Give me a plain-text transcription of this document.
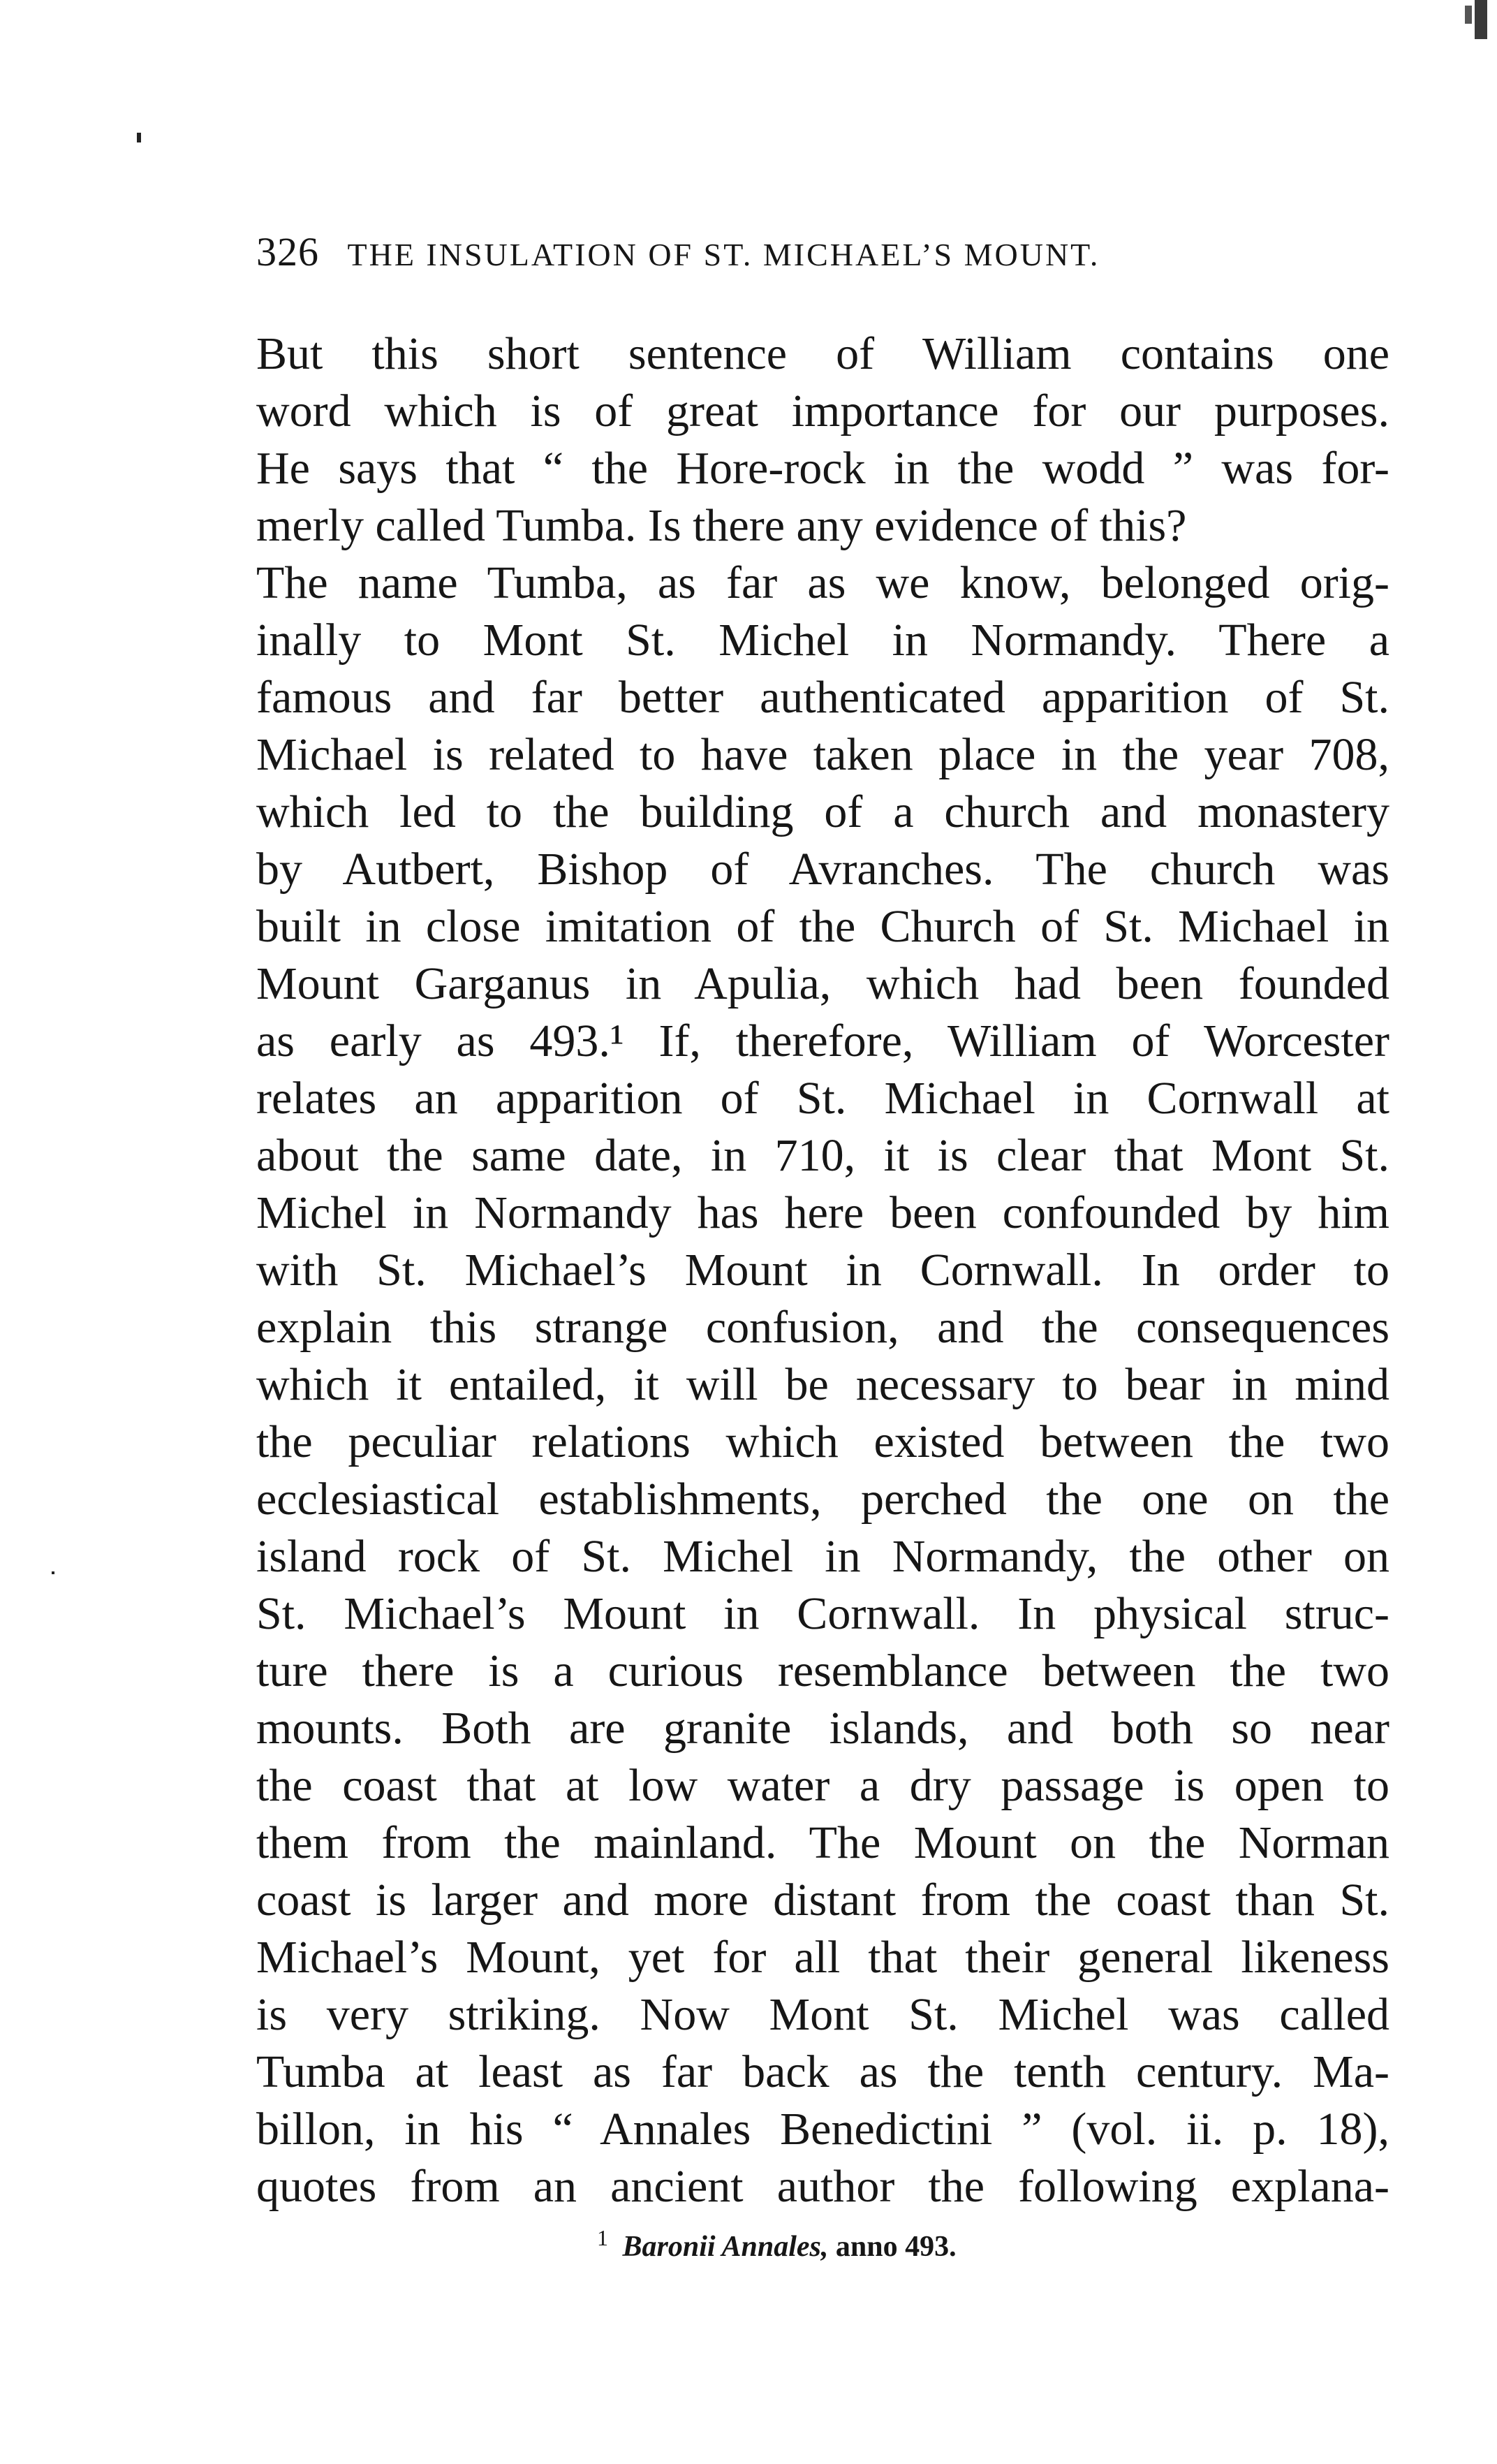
326 THE INSULATION OF ST. MICHAEL’S MOUNT.
But this short sentence of William contains one
word which is of great importance for our purposes.
He says that “ the Hore-rock in the wodd ” was for-
merly called Tumba. Is there any evidence of this?
The name Tumba, as far as we know, belonged orig-
inally to Mont St. Michel in Normandy. There a
famous and far better authenticated apparition of St.
Michael is related to have taken place in the year 708,
which led to the building of a church and monastery
by Autbert, Bishop of Avranches. The church was
built in close imitation of the Church of St. Michael in
Mount Garganus in Apulia, which had been founded
as early as 493.¹ If, therefore, William of Worcester
relates an apparition of St. Michael in Cornwall at
about the same date, in 710, it is clear that Mont St.
Michel in Normandy has here been confounded by him
with St. Michael’s Mount in Cornwall. In order to
explain this strange confusion, and the consequences
which it entailed, it will be necessary to bear in mind
the peculiar relations which existed between the two
ecclesiastical establishments, perched the one on the
island rock of St. Michel in Normandy, the other on
St. Michael’s Mount in Cornwall. In physical struc-
ture there is a curious resemblance between the two
mounts. Both are granite islands, and both so near
the coast that at low water a dry passage is open to
them from the mainland. The Mount on the Norman
coast is larger and more distant from the coast than St.
Michael’s Mount, yet for all that their general likeness
is very striking. Now Mont St. Michel was called
Tumba at least as far back as the tenth century. Ma-
billon, in his “ Annales Benedictini ” (vol. ii. p. 18),
quotes from an ancient author the following explana-
$^1$ Baronii Annales, anno 493.
